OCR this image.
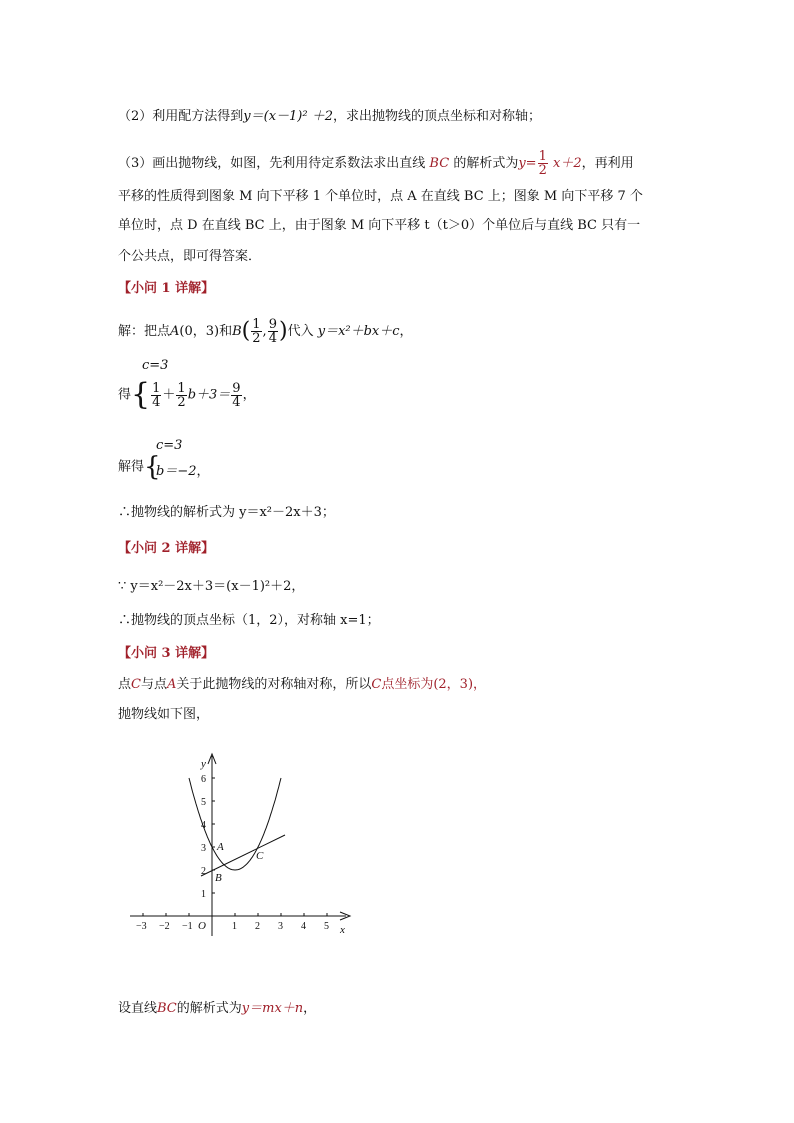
（2）利用配方法得到y＝(x－1)² ＋2，求出抛物线的顶点坐标和对称轴；
（3）画出抛物线，如图，先利用待定系数法求出直线 BC 的解析式为$y= \frac{1}{2} x+2$，再利用
平移的性质得到图象 M 向下平移 1 个单位时，点 A 在直线 BC 上；图象 M 向下平移 7 个
单位时，点 D 在直线 BC 上，由于图象 M 向下平移 t（t＞0）个单位后与直线 BC 只有一
个公共点，即可得答案．
【小问 1 详解】
解：把点A(0，3)和$B( \frac{1}{2}$ , $\frac{9}{4}$ )代入 y＝x²＋bx＋c，
c=3
得{ $\frac{1}{4} + \frac{1}{2} b+3= \frac{9}{4}$ ，
c=3
解得{
b＝−2，
∴抛物线的解析式为 y＝x²－2x＋3；
【小问 2 详解】
∵ y＝x²－2x＋3＝(x－1)²＋2，
∴抛物线的顶点坐标（1，2），对称轴 x=1；
【小问 3 详解】
点C与点A关于此抛物线的对称轴对称，所以C点坐标为(2，3)，
抛物线如下图，
y
x
O
A
B
C
1
2
3
4
5
6
−3 −2 −1	1 2 3 4 5
设直线BC的解析式为y＝mx＋n，
